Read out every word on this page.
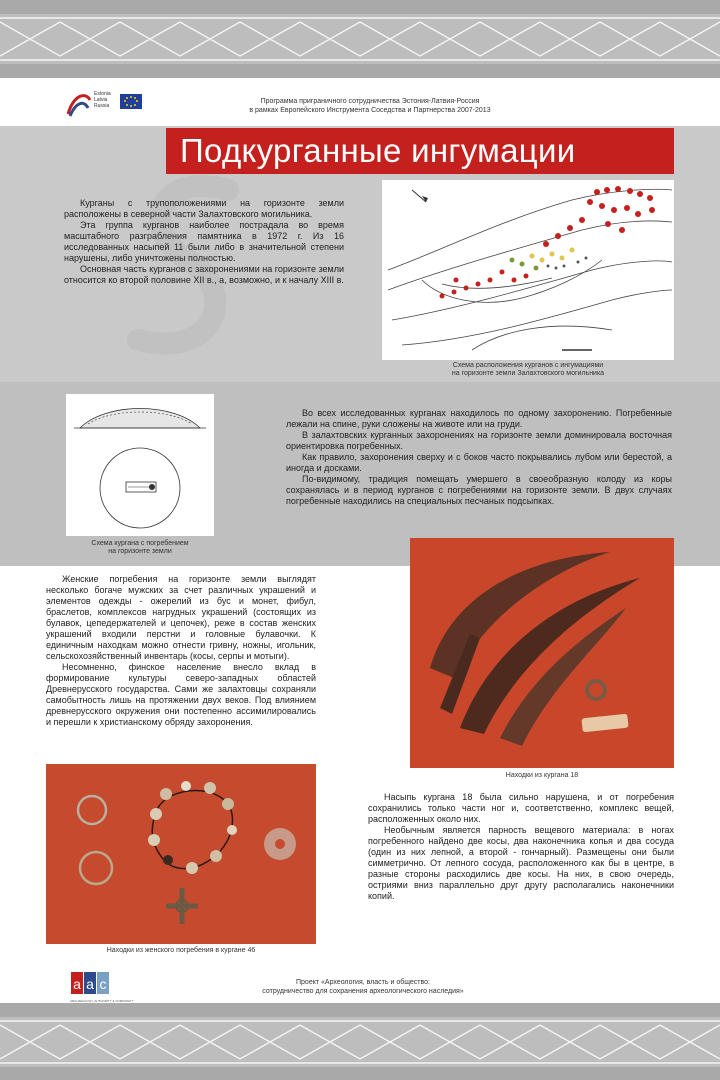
Estonia
Latvia
Russia
Программа приграничного сотрудничества Эстония-Латвия-Россия
в рамках Европейского Инструмента Соседства и Партнерства 2007-2013
Подкурганные ингумации

Курганы с трупоположениями на горизонте земли расположены в северной части Залахтовского могильника.

Эта группа курганов наиболее пострадала во время масштабного разграбления памятника в 1972 г. Из 16 исследованных насыпей 11 были либо в значительной степени нарушены, либо уничтожены полностью.

Основная часть курганов с захоронениями на горизонте земли относится ко второй половине XII в., а, возможно, и к началу XIII в.

Схема расположения курганов с ингумациями
на горизонте земли Залахтовского могильника
Схема кургана с погребением
на горизонте земли

Во всех исследованных курганах находилось по одному захоронению. Погребенные лежали на спине, руки сложены на животе или на груди.

В залахтовских курганных захоронениях на горизонте земли доминировала восточная ориентировка погребенных.

Как правило, захоронения сверху и с боков часто покрывались лубом или берестой, а иногда и досками.

По-видимому, традиция помещать умершего в своеобразную колоду из коры сохранялась и в период курганов с погребениями на горизонте земли. В двух случаях погребенные находились на специальных песчаных подсыпках.

Женские погребения на горизонте земли выглядят несколько богаче мужских за счет различных украшений и элементов одежды - ожерелий из бус и монет, фибул, браслетов, комплексов нагрудных украшений (состоящих из булавок, цепедержателей и цепочек), реже в состав женских украшений входили перстни и головные булавочки. К единичным находкам можно отнести гривну, ножны, игольник, сельскохозяйственный инвентарь (косы, серпы и мотыги).

Несомненно, финское население внесло вклад в формирование культуры северо-западных областей Древнерусского государства. Сами же залахтовцы сохраняли самобытность лишь на протяжении двух веков. Под влиянием древнерусского окружения они постепенно ассимилировались и перешли к христианскому обряду захоронения.

Находки из кургана 18

Насыпь кургана 18 была сильно нарушена, и от погребения сохранились только части ног и, соответственно, комплекс вещей, расположенных около них.

Необычным является парность вещевого материала: в ногах погребенного найдено две косы, два наконечника копья и два сосуда (один из них лепной, а второй - гончарный). Размещены они были симметрично. От лепного сосуда, расположенного как бы в центре, в разные стороны расходились две косы. На них, в свою очередь, остриями вниз параллельно друг другу располагались наконечники копий.

Находки из женского погребения в кургане 46
a a c
ARCHAEOLOGY, AUTHORITY & COMMUNITY
Проект «Археология, власть и общество:
сотрудничество для сохранения археологического наследия»
